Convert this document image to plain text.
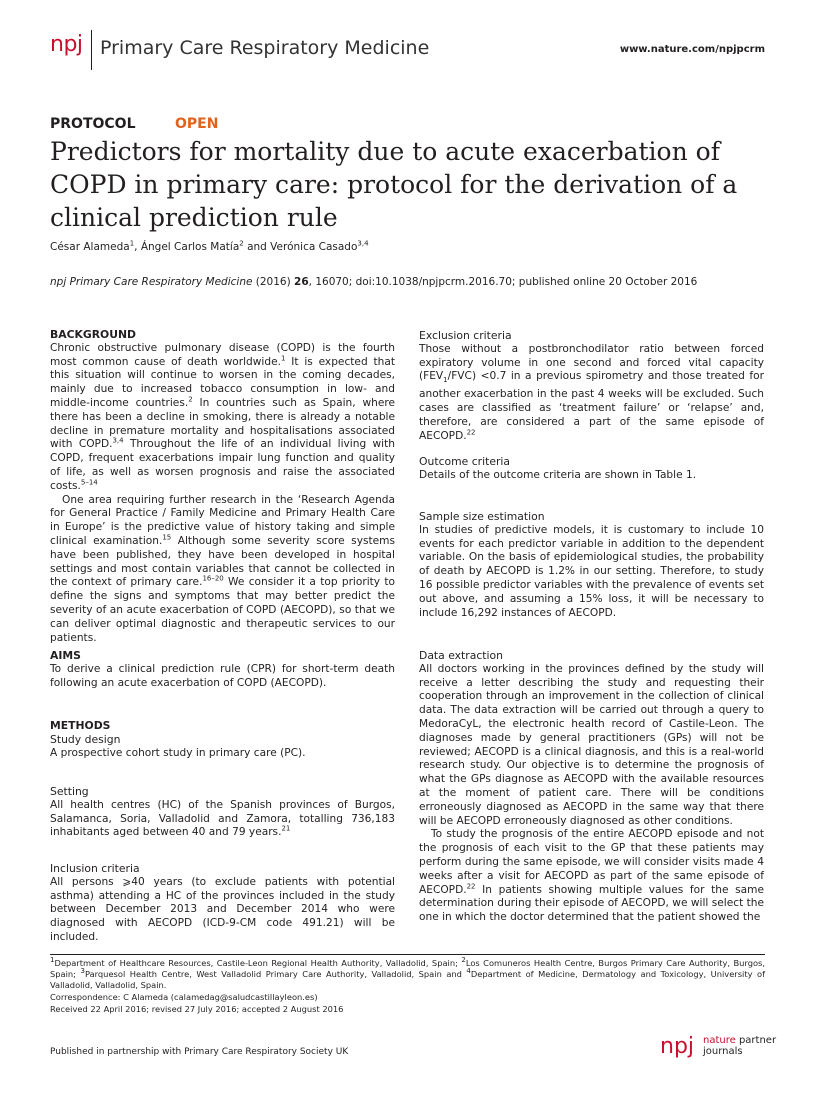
npj Primary Care Respiratory Medicine	www.nature.com/npjpcrm
PROTOCOL	OPEN
Predictors for mortality due to acute exacerbation of COPD in primary care: protocol for the derivation of a clinical prediction rule
César Alameda$^1$, Ángel Carlos Matía$^2$ and Verónica Casado$^{3,4}$
npj Primary Care Respiratory Medicine (2016) 26, 16070; doi:10.1038/npjpcrm.2016.70; published online 20 October 2016
BACKGROUND

Chronic obstructive pulmonary disease (COPD) is the fourth most common cause of death worldwide.$^1$ It is expected that this situation will continue to worsen in the coming decades, mainly due to increased tobacco consumption in low- and middle-income countries.$^2$ In countries such as Spain, where there has been a decline in smoking, there is already a notable decline in premature mortality and hospitalisations associated with COPD.$^{3,4}$ Throughout the life of an individual living with COPD, frequent exacerbations impair lung function and quality of life, as well as worsen prognosis and raise the associated costs.$^{5-14}$

One area requiring further research in the ‘Research Agenda for General Practice / Family Medicine and Primary Health Care in Europe’ is the predictive value of history taking and simple clinical examination.$^{15}$ Although some severity score systems have been published, they have been developed in hospital settings and most contain variables that cannot be collected in the context of primary care.$^{16-20}$ We consider it a top priority to define the signs and symptoms that may better predict the severity of an acute exacerbation of COPD (AECOPD), so that we can deliver optimal diagnostic and therapeutic services to our patients.

AIMS

To derive a clinical prediction rule (CPR) for short-term death following an acute exacerbation of COPD (AECOPD).

METHODS
Study design

A prospective cohort study in primary care (PC).

Setting

All health centres (HC) of the Spanish provinces of Burgos, Salamanca, Soria, Valladolid and Zamora, totalling 736,183 inhabitants aged between 40 and 79 years.$^{21}$

Inclusion criteria

All persons ⩾40 years (to exclude patients with potential asthma) attending a HC of the provinces included in the study between December 2013 and December 2014 who were diagnosed with AECOPD (ICD-9-CM code 491.21) will be included.

Exclusion criteria

Those without a postbronchodilator ratio between forced expiratory volume in one second and forced vital capacity $(FEV_1/FVC) <0.7$ in a previous spirometry and those treated for another exacerbation in the past 4 weeks will be excluded. Such cases are classified as ‘treatment failure’ or ‘relapse’ and, therefore, are considered a part of the same episode of AECOPD.$^{22}$

Outcome criteria

Details of the outcome criteria are shown in Table 1.

Sample size estimation

In studies of predictive models, it is customary to include 10 events for each predictor variable in addition to the dependent variable. On the basis of epidemiological studies, the probability of death by AECOPD is 1.2% in our setting. Therefore, to study 16 possible predictor variables with the prevalence of events set out above, and assuming a 15% loss, it will be necessary to include 16,292 instances of AECOPD.

Data extraction

All doctors working in the provinces defined by the study will receive a letter describing the study and requesting their cooperation through an improvement in the collection of clinical data. The data extraction will be carried out through a query to MedoraCyL, the electronic health record of Castile-Leon. The diagnoses made by general practitioners (GPs) will not be reviewed; AECOPD is a clinical diagnosis, and this is a real-world research study. Our objective is to determine the prognosis of what the GPs diagnose as AECOPD with the available resources at the moment of patient care. There will be conditions erroneously diagnosed as AECOPD in the same way that there will be AECOPD erroneously diagnosed as other conditions.

To study the prognosis of the entire AECOPD episode and not the prognosis of each visit to the GP that these patients may perform during the same episode, we will consider visits made 4 weeks after a visit for AECOPD as part of the same episode of AECOPD.$^{22}$ In patients showing multiple values for the same determination during their episode of AECOPD, we will select the one in which the doctor determined that the patient showed the

$^1$Department of Healthcare Resources, Castile-Leon Regional Health Authority, Valladolid, Spain; $^2$Los Comuneros Health Centre, Burgos Primary Care Authority, Burgos, Spain; $^3$Parquesol Health Centre, West Valladolid Primary Care Authority, Valladolid, Spain and $^4$Department of Medicine, Dermatology and Toxicology, University of Valladolid, Valladolid, Spain.
Correspondence: C Alameda (calamedag@saludcastillayleon.es)
Received 22 April 2016; revised 27 July 2016; accepted 2 August 2016
Published in partnership with Primary Care Respiratory Society UK	npj nature partner
journals
